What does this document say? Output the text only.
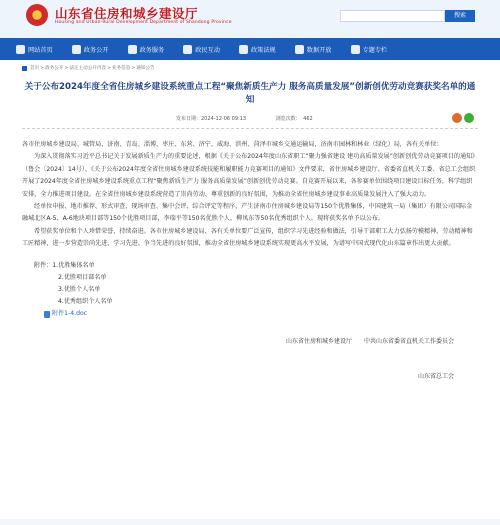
山东省住房和城乡建设厅
Housing and Urban-Rural Development Department of Shandong Province
搜索
网站首页	政务公开	政务服务	政民互动	政策法规	数据开放	专题专栏
首页 > 政务公开 > 法定主动公开内容 > 业务信息 > 通知公告
关于公布2024年度全省住房城乡建设系统重点工程“聚焦新质生产力 服务高质量发展”创新创优劳动竞赛获奖名单的通知
发布日期：2024-12-06 09:13	浏览次数：　462

各市住房城乡建设局、城管局，济南、青岛、淄博、枣庄、东营、济宁、威海、滨州、菏泽市城乡交通运输局，济南市园林和林业（绿化）局，各有关单位：

为深入贯彻落实习近平总书记关于发展新质生产力的重要论述，根据《关于公布2024年度山东省职工“聚力强省建设 建功高质量发展”创新创优劳动竞赛项目的通知》（鲁会〔2024〕14号）、《关于公布2024年度全省住房城乡建设系统技能和履职能力竞赛项目的通知》文件要求，省住房城乡建设厅、省委省直机关工委、省总工会组织开展了2024年度全省住房城乡建设系统重点工程“聚焦新质生产力 服务高质量发展”创新创优劳动竞赛。自竞赛开展以来，各参赛单位围绕项目建设目标任务，科学组织安排，全力推进项目建设。在全省住房城乡建设系统营造了崇尚劳动、尊重创新的良好氛围，为推动全省住房城乡建设事业高质量发展注入了强大动力。

经单位申报、地市推荐、形式审查、现场审查、集中会评、综合评定等程序，产生济南市住房城乡建设局等150个优胜集体，中国建筑一局（集团）有限公司国际金融城北区A-5、A-6地块项目部等150个优胜项目部，李瑞平等150名优胜个人，柳凤东等50名优秀组织个人。现将获奖名单予以公布。

希望获奖单位和个人珍惜荣誉、持续奋进。各市住房城乡建设局、各有关单位要广泛宣传，组织学习先进经验和做法，引导干部职工大力弘扬劳模精神、劳动精神和工匠精神，进一步营造崇尚先进、学习先进、争当先进的良好氛围，推动全省住房城乡建设系统实现更高水平发展，为谱写中国式现代化山东篇章作出更大贡献。

附件：1.优胜集体名单
2.优胜项目部名单
3.优胜个人名单
4.优秀组织个人名单
附件1-4.doc
山东省住房和城乡建设厅　　中共山东省委省直机关工作委员会
山东省总工会
